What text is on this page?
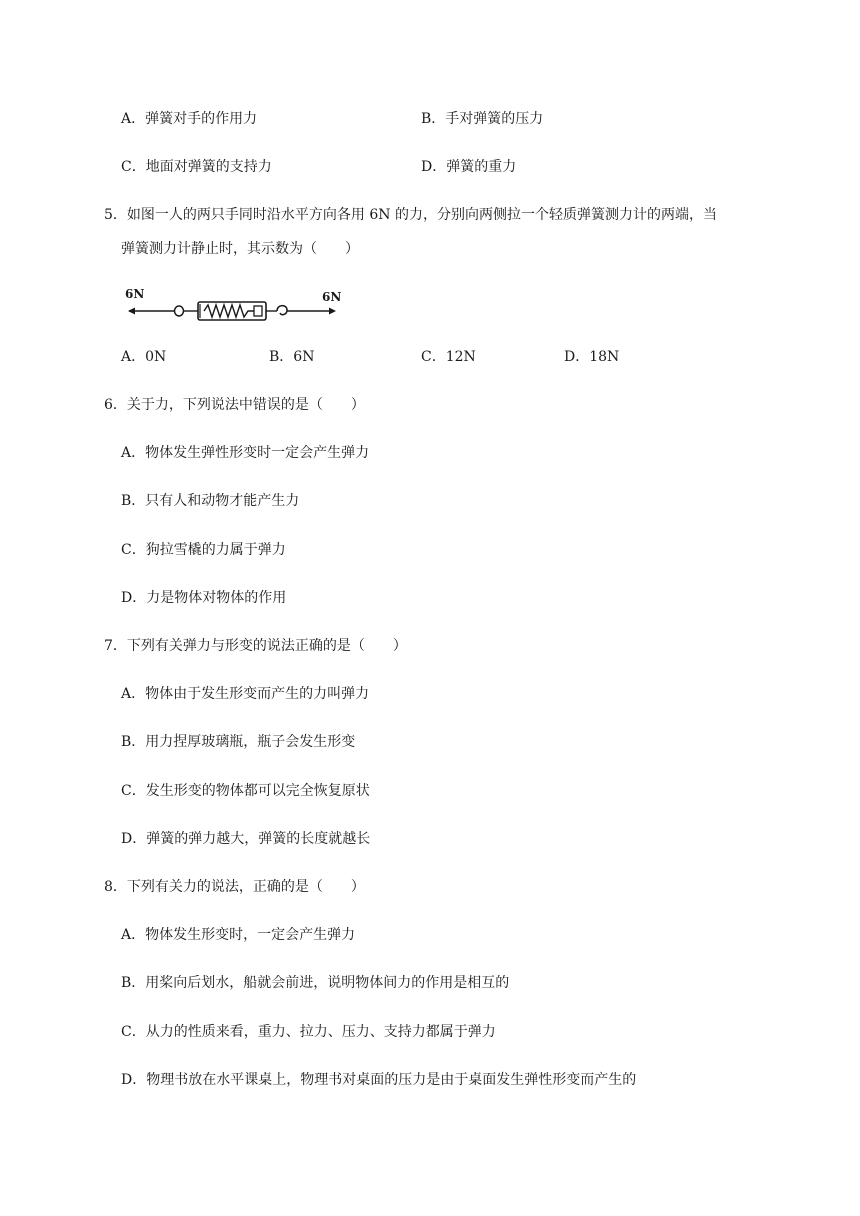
A．弹簧对手的作用力	B．手对弹簧的压力
C．地面对弹簧的支持力	D．弹簧的重力
5．如图一人的两只手同时沿水平方向各用 6N 的力，分别向两侧拉一个轻质弹簧测力计的两端，当
弹簧测力计静止时，其示数为（　　）
6N	6N
A．0N	B．6N	C．12N	D．18N
6．关于力，下列说法中错误的是（　　）
A．物体发生弹性形变时一定会产生弹力
B．只有人和动物才能产生力
C．狗拉雪橇的力属于弹力
D．力是物体对物体的作用
7．下列有关弹力与形变的说法正确的是（　　）
A．物体由于发生形变而产生的力叫弹力
B．用力捏厚玻璃瓶，瓶子会发生形变
C．发生形变的物体都可以完全恢复原状
D．弹簧的弹力越大，弹簧的长度就越长
8．下列有关力的说法，正确的是（　　）
A．物体发生形变时，一定会产生弹力
B．用桨向后划水，船就会前进，说明物体间力的作用是相互的
C．从力的性质来看，重力、拉力、压力、支持力都属于弹力
D．物理书放在水平课桌上，物理书对桌面的压力是由于桌面发生弹性形变而产生的
